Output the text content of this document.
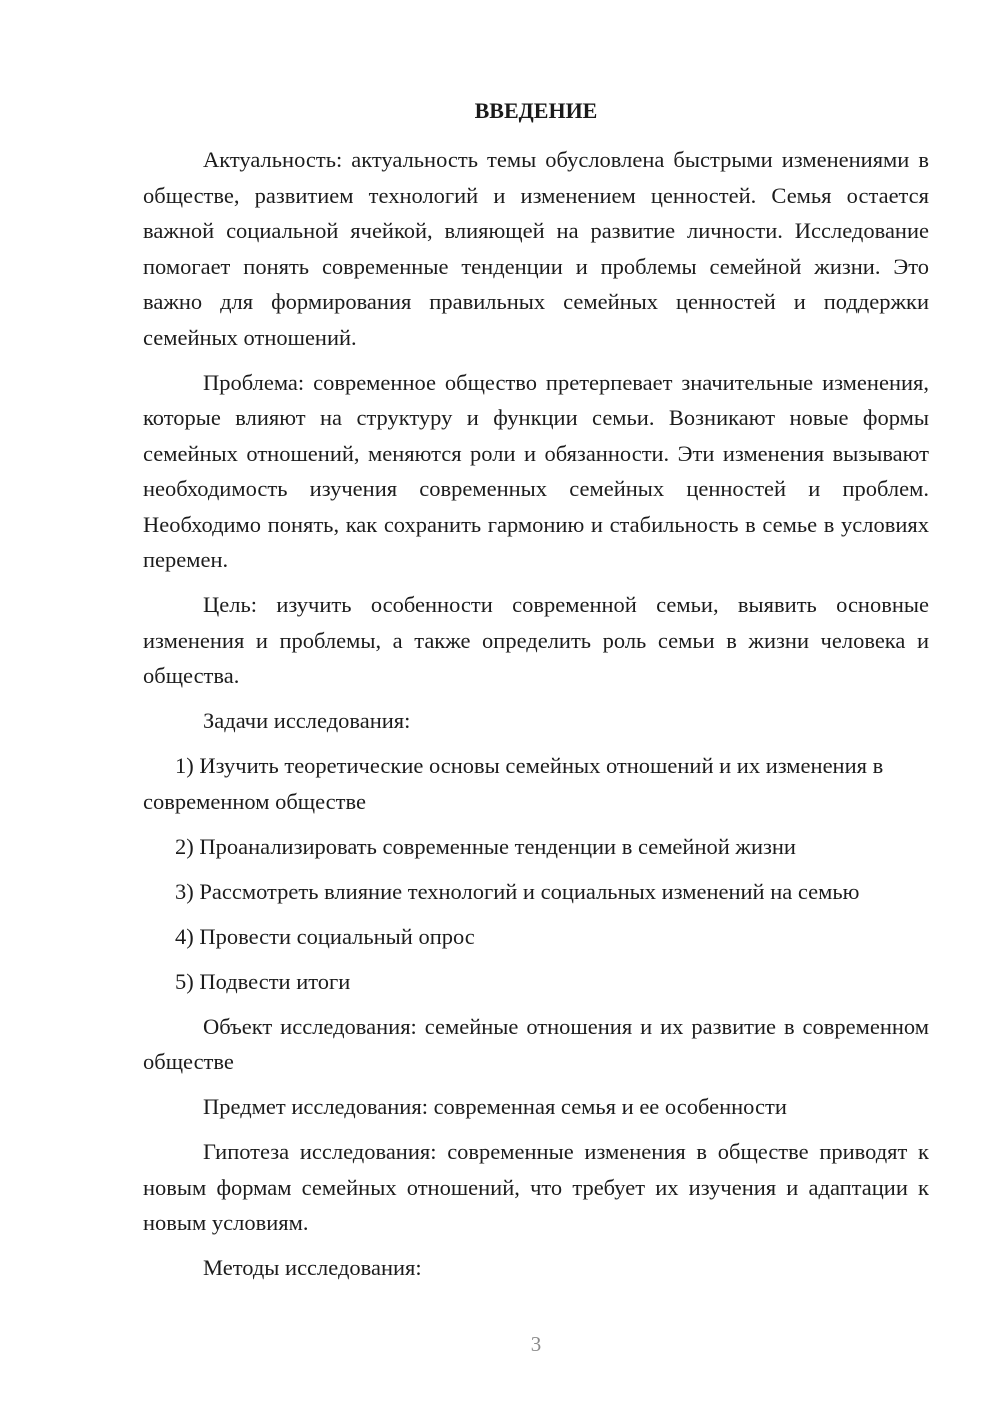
ВВЕДЕНИЕ

Актуальность: актуальность темы обусловлена быстрыми изменениями в обществе, развитием технологий и изменением ценностей. Семья остается важной социальной ячейкой, влияющей на развитие личности. Исследование помогает понять современные тенденции и проблемы семейной жизни. Это важно для формирования правильных семейных ценностей и поддержки семейных отношений.

Проблема: современное общество претерпевает значительные изменения, которые влияют на структуру и функции семьи. Возникают новые формы семейных отношений, меняются роли и обязанности. Эти изменения вызывают необходимость изучения современных семейных ценностей и проблем. Необходимо понять, как сохранить гармонию и стабильность в семье в условиях перемен.

Цель: изучить особенности современной семьи, выявить основные изменения и проблемы, а также определить роль семьи в жизни человека и общества.

Задачи исследования:

1) Изучить теоретические основы семейных отношений и их изменения в современном обществе

2) Проанализировать современные тенденции в семейной жизни

3) Рассмотреть влияние технологий и социальных изменений на семью

4) Провести социальный опрос

5) Подвести итоги

Объект исследования: семейные отношения и их развитие в современном обществе

Предмет исследования: современная семья и ее особенности

Гипотеза исследования: современные изменения в обществе приводят к новым формам семейных отношений, что требует их изучения и адаптации к новым условиям.

Методы исследования:

3
